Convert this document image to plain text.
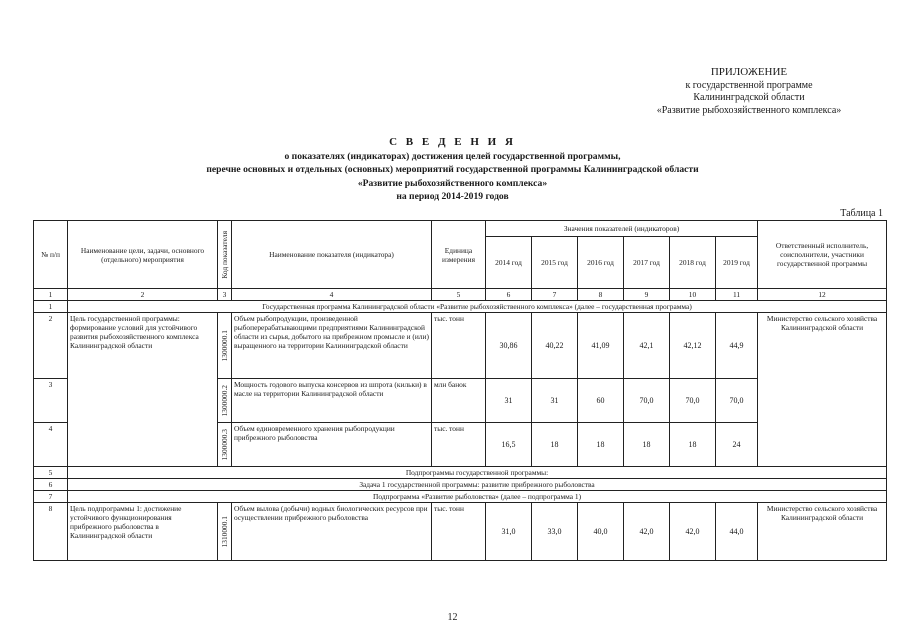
ПРИЛОЖЕНИЕ
к государственной программе
Калининградской области
«Развитие рыбохозяйственного комплекса»
С В Е Д Е Н И Я
о показателях (индикаторах) достижения целей государственной программы,
перечне основных и отдельных (основных) мероприятий государственной программы Калининградской области
«Развитие рыбохозяйственного комплекса»
на период 2014-2019 годов
Таблица 1
№ п/п	Наименование цели, задачи, основного (отдельного) мероприятия	Код показателя	Наименование показателя (индикатора)	Единица измерения	Значения показателей (индикаторов)						Ответственный исполнитель, соисполнители, участники государственной программы
					2014 год	2015 год	2016 год	2017 год	2018 год	2019 год	
1	2	3	4	5	6	7	8	9	10	11	12
1	Государственная программа Калининградской области «Развитие рыбохозяйственного комплекса» (далее – государственная программа)										
2	Цель государственной программы: формирование условий для устойчивого развития рыбохозяйственного комплекса Калининградской области	1300000.1	Объем рыбопродукции, произведенной рыбоперерабатывающими предприятиями Калининградской области из сырья, добытого на прибрежном промысле и (или) выращенного на территории Калининградской области	тыс. тонн	30,86	40,22	41,09	42,1	42,12	44,9	Министерство сельского хозяйства Калининградской области
3		1300000.2	Мощность годового выпуска консервов из шпрота (кильки) в масле на территории Калининградской области	млн банок	31	31	60	70,0	70,0	70,0	
4		1300000.3	Объем единовременного хранения рыбопродукции прибрежного рыболовства	тыс. тонн	16,5	18	18	18	18	24	
5	Подпрограммы государственной программы:										
6	Задача 1 государственной программы: развитие прибрежного рыболовства										
7	Подпрограмма «Развитие рыболовства» (далее – подпрограмма 1)										
8	Цель подпрограммы 1: достижение устойчивого функционирования прибрежного рыболовства в Калининградской области	1310000.1	Объем вылова (добычи) водных биологических ресурсов при осуществлении прибрежного рыболовства	тыс. тонн	31,0	33,0	40,0	42,0	42,0	44,0	Министерство сельского хозяйства Калининградской области
12
